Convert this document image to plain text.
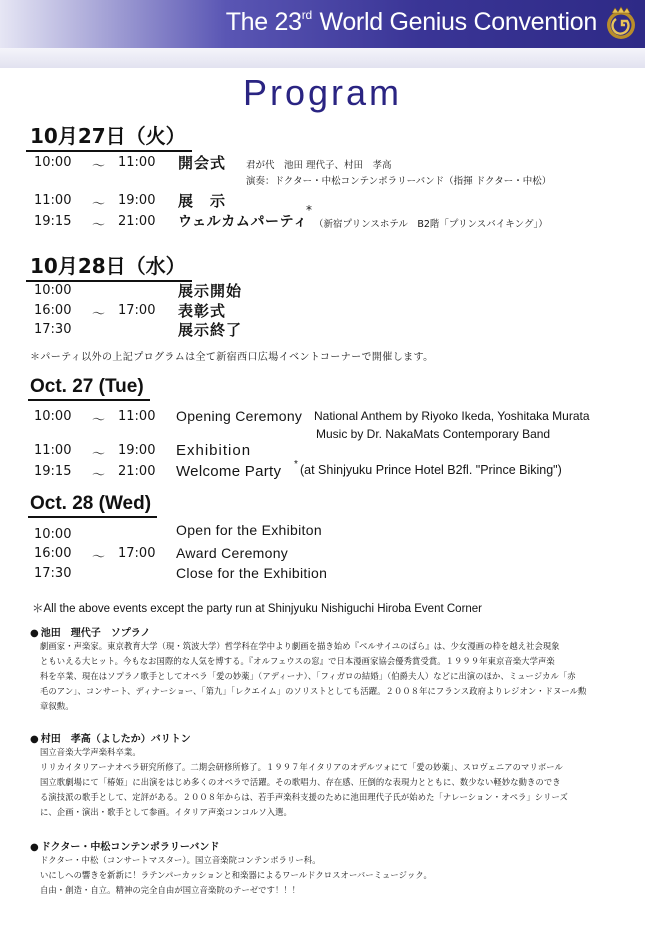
The 23rd World Genius Convention
Program
10月27日（火）
10:00 ～ 11:00 開会式 君が代　池田 理代子、村田　孝高
演奏：ドクター・中松コンテンポラリーバンド（指揮 ドクター・中松）
11:00 ～ 19:00 展　示
19:15 ～ 21:00 ウェルカムパーティ
*
（新宿プリンスホテル　B2階「プリンスバイキング」）
10月28日（水）
10:00	展示開始
16:00 ～ 17:00 表彰式
17:30	展示終了
＊パーティ以外の上記プログラムは全て新宿西口広場イベントコーナーで開催します。
Oct. 27 (Tue)
10:00 ～ 11:00 Opening Ceremony National Anthem by Riyoko Ikeda, Yoshitaka Murata
Music by Dr. NakaMats Contemporary Band
11:00 ～ 19:00 Exhibition
19:15 ～ 21:00 Welcome Party * (at Shinjyuku Prince Hotel B2fl. "Prince Biking")
Oct. 28 (Wed)
10:00	Open for the Exhibiton
16:00 ～ 17:00 Award Ceremony
17:30	Close for the Exhibition
＊All the above events except the party run at Shinjyuku Nishiguchi Hiroba Event Corner
● 池田　理代子　ソプラノ
劇画家・声楽家。東京教育大学（現・筑波大学）哲学科在学中より劇画を描き始め『ベルサイユのばら』は、少女漫画の枠を越え社会現象
ともいえる大ヒット。今もなお国際的な人気を博する。『オルフェウスの窓』で日本漫画家協会優秀賞受賞。１９９９年東京音楽大学声楽
科を卒業、現在はソプラノ歌手としてオペラ「愛の妙薬」（アディーナ）、「フィガロの結婚」（伯爵夫人）などに出演のほか、ミュージカル「赤
毛のアン」、コンサート、ディナーショー、「第九」「レクエイム」のソリストとしても活躍。２００８年にフランス政府よりレジオン・ドヌール勲
章叙勲。
● 村田　孝高（よしたか）バリトン
国立音楽大学声楽科卒業。
リリカイタリアーナオペラ研究所修了。二期会研修所修了。１９９７年イタリアのオデルツォにて「愛の妙薬」、スロヴェニアのマリボール
国立歌劇場にて「椿姫」に出演をはじめ多くのオペラで活躍。その歌唱力、存在感、圧倒的な表現力とともに、数少ない軽妙な動きのでき
る演技派の歌手として、定評がある。２００８年からは、若手声楽科支援のために池田理代子氏が始めた「ナレーション・オペラ」シリーズ
に、企画・演出・歌手として参画。イタリア声楽コンコルソ入選。
● ドクター・中松コンテンポラリーバンド
ドクター・中松（コンサートマスター）。国立音楽院コンテンポラリー科。
いにしへの響きを新新に！ラテンパーカッションと和楽器によるワールドクロスオーバーミュージック。
自由・創造・自立。精神の完全自由が国立音楽院のテーゼです！！！
